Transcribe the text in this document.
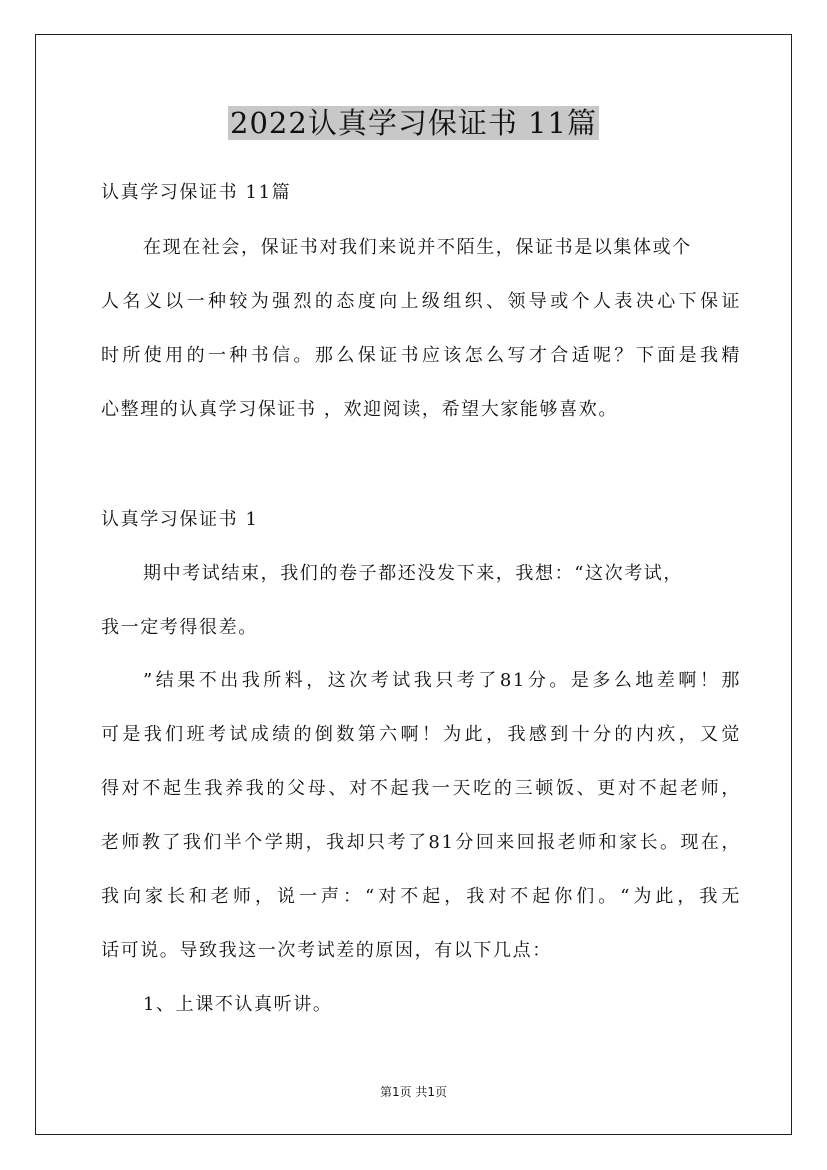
2022认真学习保证书 11篇
认真学习保证书 11篇
在现在社会，保证书对我们来说并不陌生，保证书是以集体或个
人名义以一种较为强烈的态度向上级组织、领导或个人表决心下保证
时所使用的一种书信。那么保证书应该怎么写才合适呢？下面是我精
心整理的认真学习保证书 ，欢迎阅读，希望大家能够喜欢。
认真学习保证书 1
期中考试结束，我们的卷子都还没发下来，我想：“这次考试，
我一定考得很差。
”结果不出我所料，这次考试我只考了81分。是多么地差啊！那
可是我们班考试成绩的倒数第六啊！为此，我感到十分的内疚，又觉
得对不起生我养我的父母、对不起我一天吃的三顿饭、更对不起老师，
老师教了我们半个学期，我却只考了81分回来回报老师和家长。现在，
我向家长和老师，说一声：“对不起，我对不起你们。“为此，我无
话可说。导致我这一次考试差的原因，有以下几点：
1、上课不认真听讲。
第1页 共1页
